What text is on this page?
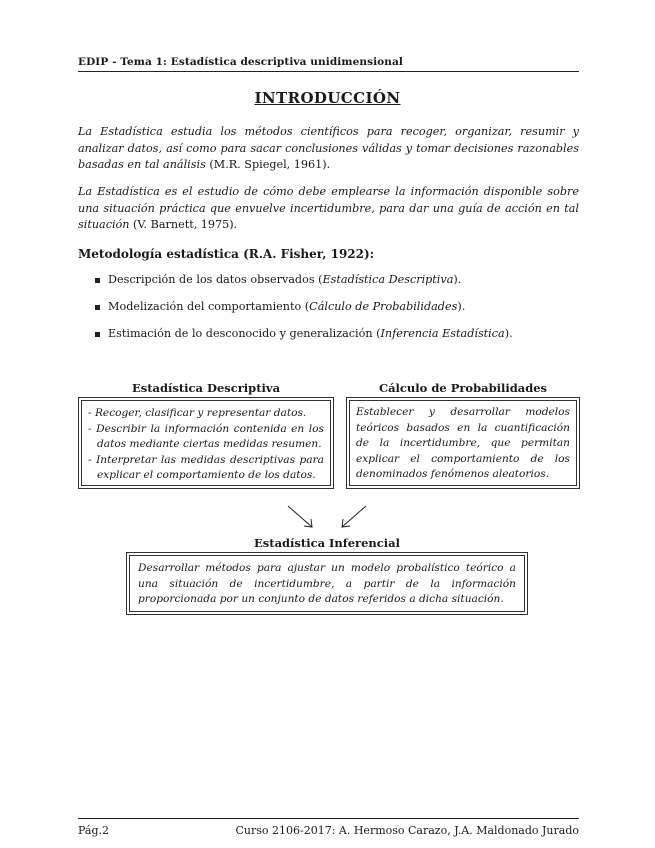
EDIP - Tema 1: Estadística descriptiva unidimensional
INTRODUCCIÓN
La Estadística estudia los métodos científicos para recoger, organizar, resumir y analizar datos, así como para sacar conclusiones válidas y tomar decisiones razonables basadas en tal análisis (M.R. Spiegel, 1961).
La Estadística es el estudio de cómo debe emplearse la información disponible sobre una situación práctica que envuelve incertidumbre, para dar una guía de acción en tal situación (V. Barnett, 1975).
Metodología estadística (R.A. Fisher, 1922):
Descripción de los datos observados (Estadística Descriptiva).
Modelización del comportamiento (Cálculo de Probabilidades).
Estimación de lo desconocido y generalización (Inferencia Estadística).
Estadística Descriptiva
- Recoger, clasificar y representar datos.
- Describir la información contenida en los datos mediante ciertas medidas resumen.
- Interpretar las medidas descriptivas para explicar el comportamiento de los datos.
Cálculo de Probabilidades
Establecer y desarrollar modelos teóricos basados en la cuantificación de la incertidumbre, que permitan explicar el comportamiento de los denominados fenómenos aleatorios.
Estadística Inferencial
Desarrollar métodos para ajustar un modelo probalístico teórico a una situación de incertidumbre, a partir de la información proporcionada por un conjunto de datos referidos a dicha situación.
Pág.2	Curso 2106-2017: A. Hermoso Carazo, J.A. Maldonado Jurado
